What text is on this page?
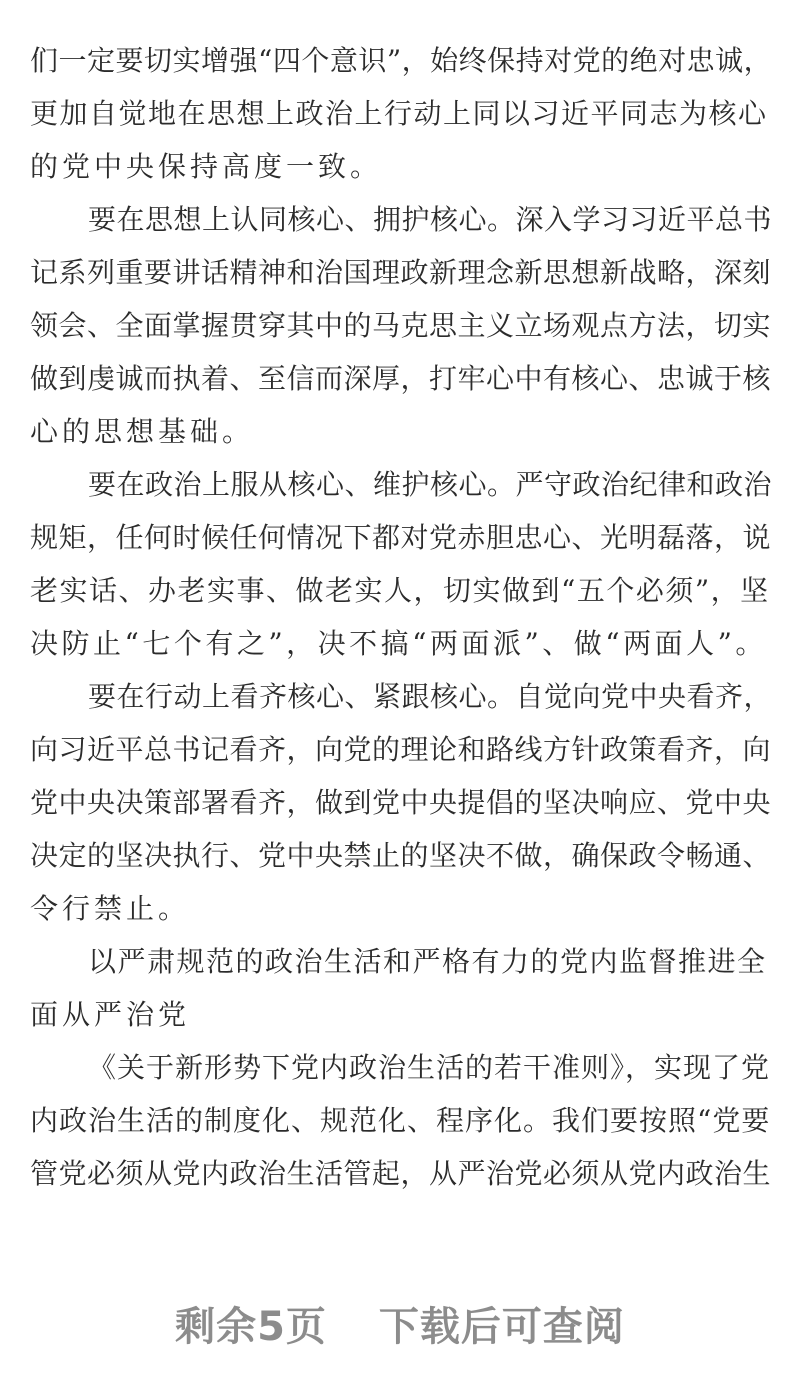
们一定要切实增强“四个意识”，始终保持对党的绝对忠诚，
更加自觉地在思想上政治上行动上同以习近平同志为核心
的党中央保持高度一致。
要在思想上认同核心、拥护核心。深入学习习近平总书
记系列重要讲话精神和治国理政新理念新思想新战略，深刻
领会、全面掌握贯穿其中的马克思主义立场观点方法，切实
做到虔诚而执着、至信而深厚，打牢心中有核心、忠诚于核
心的思想基础。
要在政治上服从核心、维护核心。严守政治纪律和政治
规矩，任何时候任何情况下都对党赤胆忠心、光明磊落，说
老实话、办老实事、做老实人，切实做到“五个必须”，坚
决防止“七个有之”，决不搞“两面派”、做“两面人”。
要在行动上看齐核心、紧跟核心。自觉向党中央看齐，
向习近平总书记看齐，向党的理论和路线方针政策看齐，向
党中央决策部署看齐，做到党中央提倡的坚决响应、党中央
决定的坚决执行、党中央禁止的坚决不做，确保政令畅通、
令行禁止。
以严肃规范的政治生活和严格有力的党内监督推进全
面从严治党
《关于新形势下党内政治生活的若干准则》，实现了党
内政治生活的制度化、规范化、程序化。我们要按照“党要
管党必须从党内政治生活管起，从严治党必须从党内政治生
剩余5页 下载后可查阅
